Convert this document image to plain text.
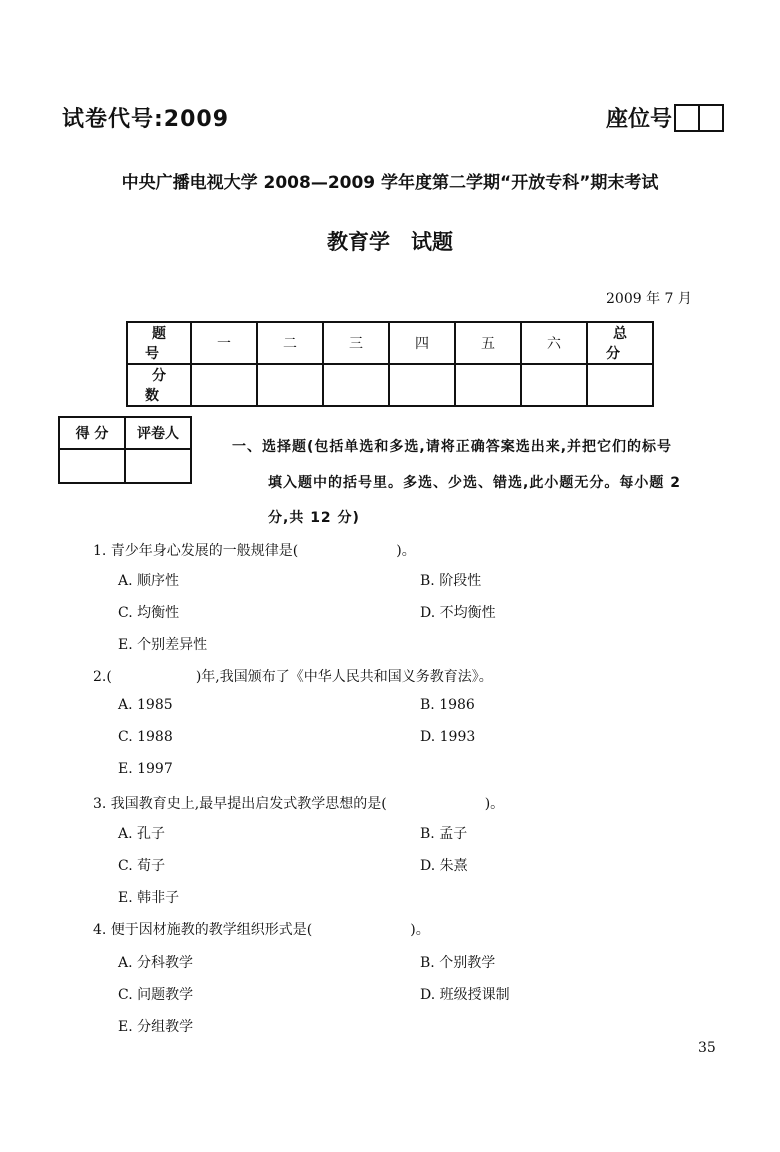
试卷代号:2009	座位号
中央广播电视大学 2008—2009 学年度第二学期“开放专科”期末考试
教育学　试题
2009 年 7 月
题号	一	二	三	四	五	六	总分
分数							
得 分	评卷人

一、选择题(包括单选和多选,请将正确答案选出来,并把它们的标号
填入题中的括号里。多选、少选、错选,此小题无分。每小题 2
分,共 12 分)
1. 青少年身心发展的一般规律是(　　　　　　　)。
A. 顺序性	B. 阶段性
C. 均衡性	D. 不均衡性
E. 个别差异性
2.(　　　　　　)年,我国颁布了《中华人民共和国义务教育法》。
A. 1985	B. 1986
C. 1988	D. 1993
E. 1997
3. 我国教育史上,最早提出启发式教学思想的是(　　　　　　　)。
A. 孔子	B. 孟子
C. 荀子	D. 朱熹
E. 韩非子
4. 便于因材施教的教学组织形式是(　　　　　　　)。
A. 分科教学	B. 个别教学
C. 问题教学	D. 班级授课制
E. 分组教学
35
